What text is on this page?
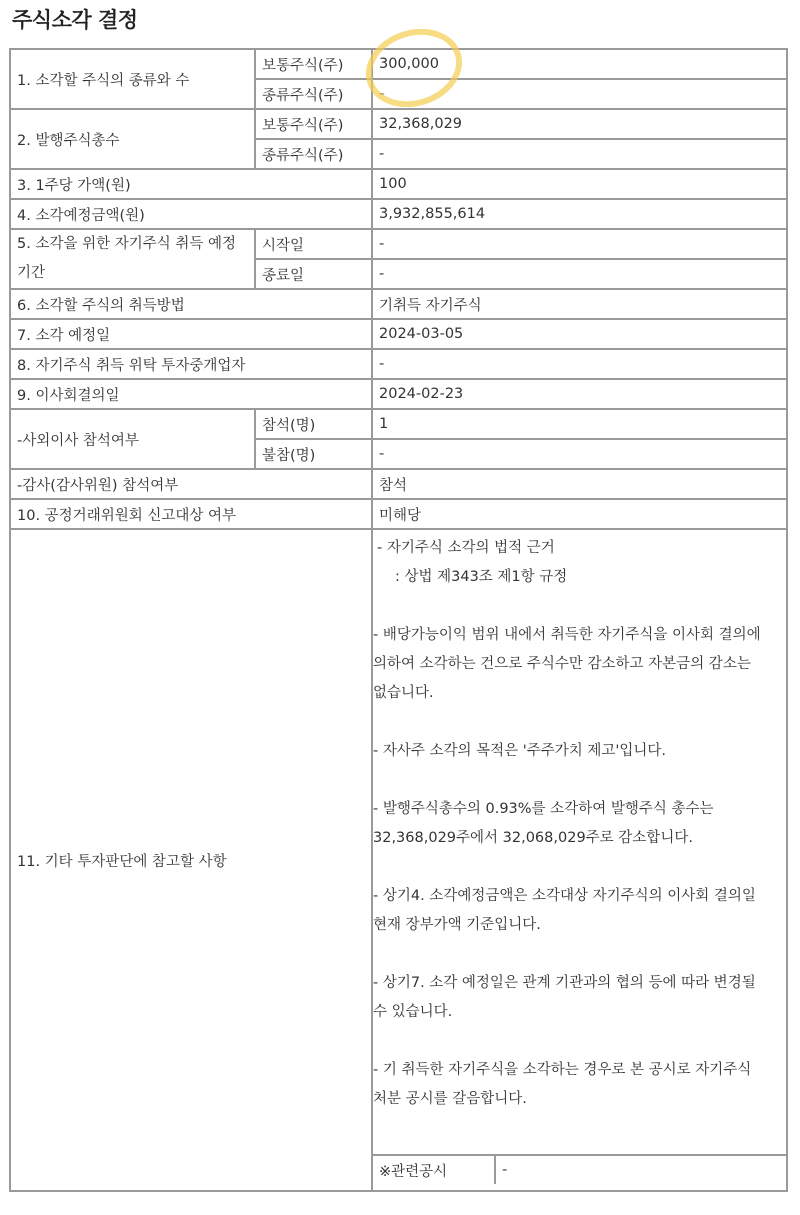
주식소각 결정
1. 소각할 주식의 종류와 수	보통주식(주)	300,000
종류주식(주)	-
2. 발행주식총수	보통주식(주)	32,368,029
종류주식(주)	-
3. 1주당 가액(원)	100
4. 소각예정금액(원)	3,932,855,614
5. 소각을 위한 자기주식 취득 예정기간	시작일	-
종료일	-
6. 소각할 주식의 취득방법	기취득 자기주식
7. 소각 예정일	2024-03-05
8. 자기주식 취득 위탁 투자중개업자	-
9. 이사회결의일	2024-02-23
-사외이사 참석여부	참석(명)	1
불참(명)	-
-감사(감사위원) 참석여부	참석
10. 공정거래위원회 신고대상 여부	미해당
11. 기타 투자판단에 참고할 사항	

- 자기주식 소각의 법적 근거

: 상법 제343조 제1항 규정

- 배당가능이익 범위 내에서 취득한 자기주식을 이사회 결의에

의하여 소각하는 건으로 주식수만 감소하고 자본금의 감소는

없습니다.

- 자사주 소각의 목적은 '주주가치 제고'입니다.

- 발행주식총수의 0.93%를 소각하여 발행주식 총수는

32,368,029주에서 32,068,029주로 감소합니다.

- 상기4. 소각예정금액은 소각대상 자기주식의 이사회 결의일

현재 장부가액 기준입니다.

- 상기7. 소각 예정일은 관계 기관과의 협의 등에 따라 변경될

수 있습니다.

- 기 취득한 자기주식을 소각하는 경우로 본 공시로 자기주식

처분 공시를 갈음합니다.

※관련공시	-
